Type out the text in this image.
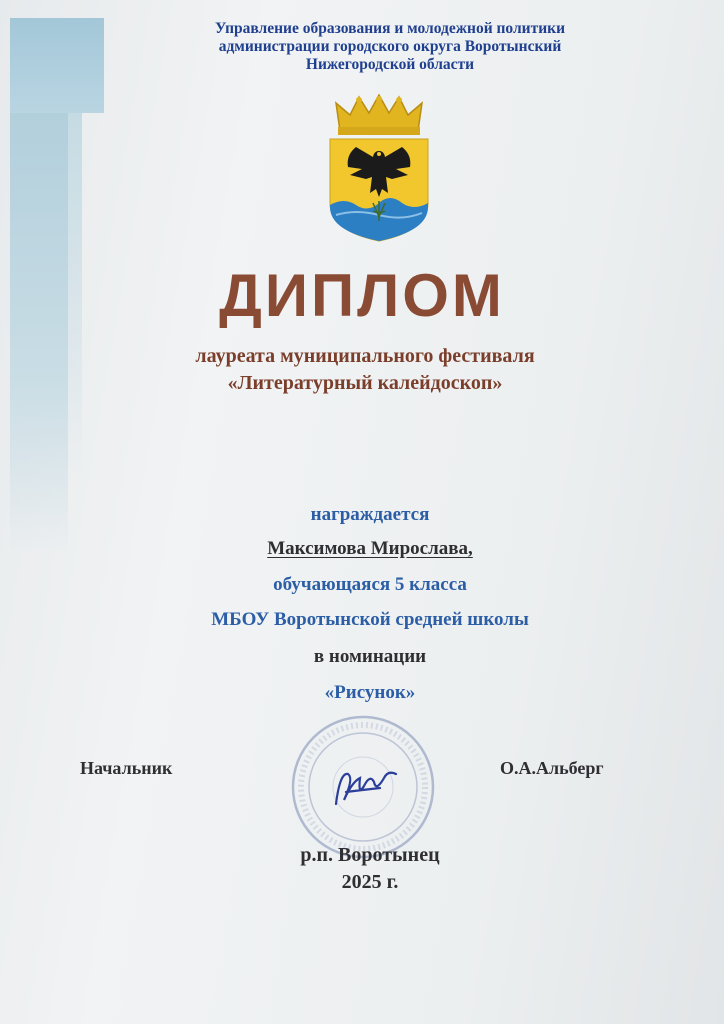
Управление образования и молодежной политики
администрации городского округа Воротынский
Нижегородской области
ДИПЛОМ
лауреата муниципального фестиваля
«Литературный калейдоскоп»
награждается
Максимова Мирослава,
обучающаяся 5 класса
МБОУ Воротынской средней школы
в номинации
«Рисунок»
Начальник	О.А.Альберг
р.п. Воротынец
2025 г.
